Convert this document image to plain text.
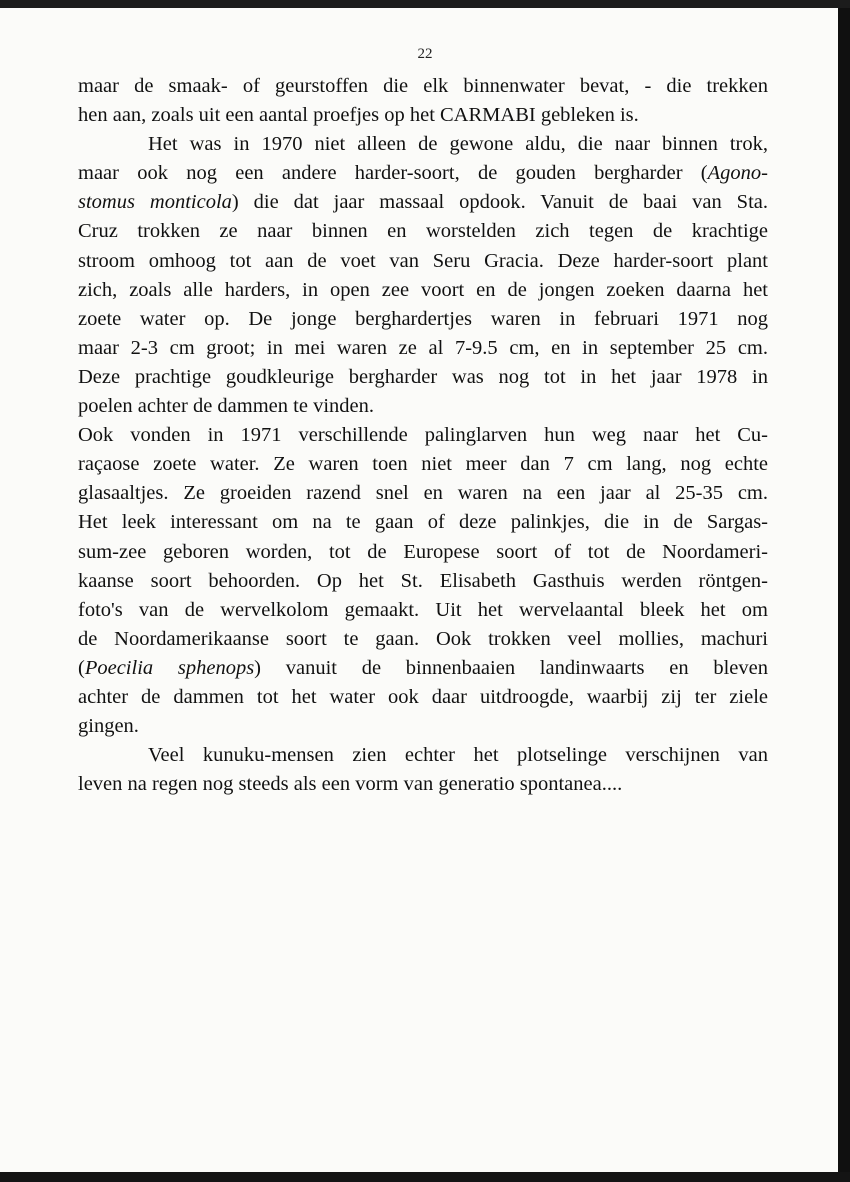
22
maar de smaak- of geurstoffen die elk binnenwater bevat, - die trekken
hen aan, zoals uit een aantal proefjes op het CARMABI gebleken is.
Het was in 1970 niet alleen de gewone aldu, die naar binnen trok,
maar ook nog een andere harder-soort, de gouden bergharder (Agono-
stomus monticola) die dat jaar massaal opdook. Vanuit de baai van Sta.
Cruz trokken ze naar binnen en worstelden zich tegen de krachtige
stroom omhoog tot aan de voet van Seru Gracia. Deze harder-soort plant
zich, zoals alle harders, in open zee voort en de jongen zoeken daarna het
zoete water op. De jonge berghardertjes waren in februari 1971 nog
maar 2-3 cm groot; in mei waren ze al 7-9.5 cm, en in september 25 cm.
Deze prachtige goudkleurige bergharder was nog tot in het jaar 1978 in
poelen achter de dammen te vinden.
Ook vonden in 1971 verschillende palinglarven hun weg naar het Cu-
raçaose zoete water. Ze waren toen niet meer dan 7 cm lang, nog echte
glasaaltjes. Ze groeiden razend snel en waren na een jaar al 25-35 cm.
Het leek interessant om na te gaan of deze palinkjes, die in de Sargas-
sum-zee geboren worden, tot de Europese soort of tot de Noordameri-
kaanse soort behoorden. Op het St. Elisabeth Gasthuis werden röntgen-
foto's van de wervelkolom gemaakt. Uit het wervelaantal bleek het om
de Noordamerikaanse soort te gaan. Ook trokken veel mollies, machuri
(Poecilia sphenops) vanuit de binnenbaaien landinwaarts en bleven
achter de dammen tot het water ook daar uitdroogde, waarbij zij ter ziele
gingen.
Veel kunuku-mensen zien echter het plotselinge verschijnen van
leven na regen nog steeds als een vorm van generatio spontanea....
